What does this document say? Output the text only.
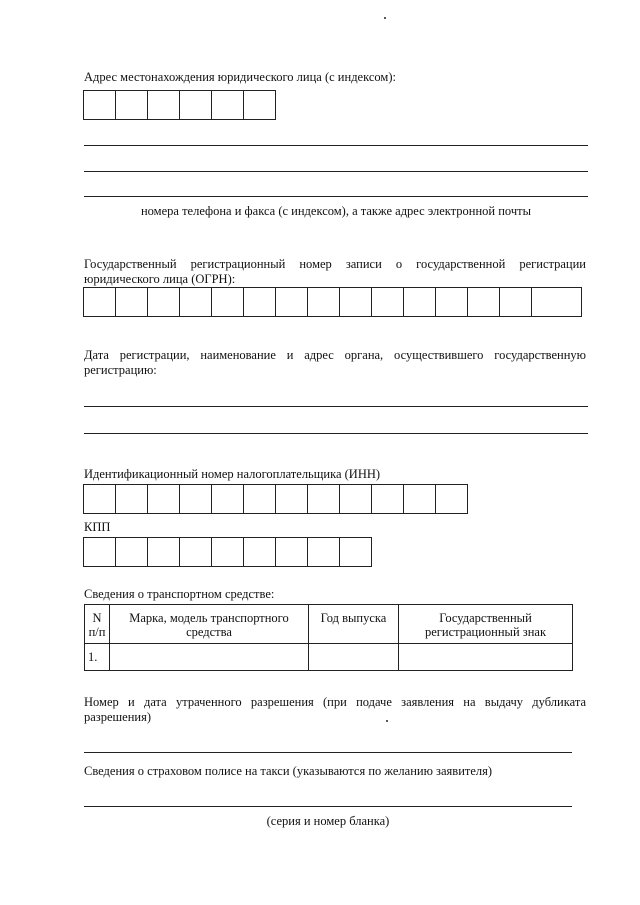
Адрес местонахождения юридического лица (с индексом):
номера телефона и факса (с индексом), а также адрес электронной почты
Государственный регистрационный номер записи о государственной регистрации
юридического лица (ОГРН):
Дата регистрации, наименование и адрес органа, осуществившего государственную
регистрацию:
Идентификационный номер налогоплательщика (ИНН)
КПП
Сведения о транспортном средстве:
N п/п	Марка, модель транспортного средства	Год выпуска	Государственный регистрационный знак
1.			
Номер и дата утраченного разрешения (при подаче заявления на выдачу дубликата
разрешения)
Сведения о страховом полисе на такси (указываются по желанию заявителя)
(серия и номер бланка)
